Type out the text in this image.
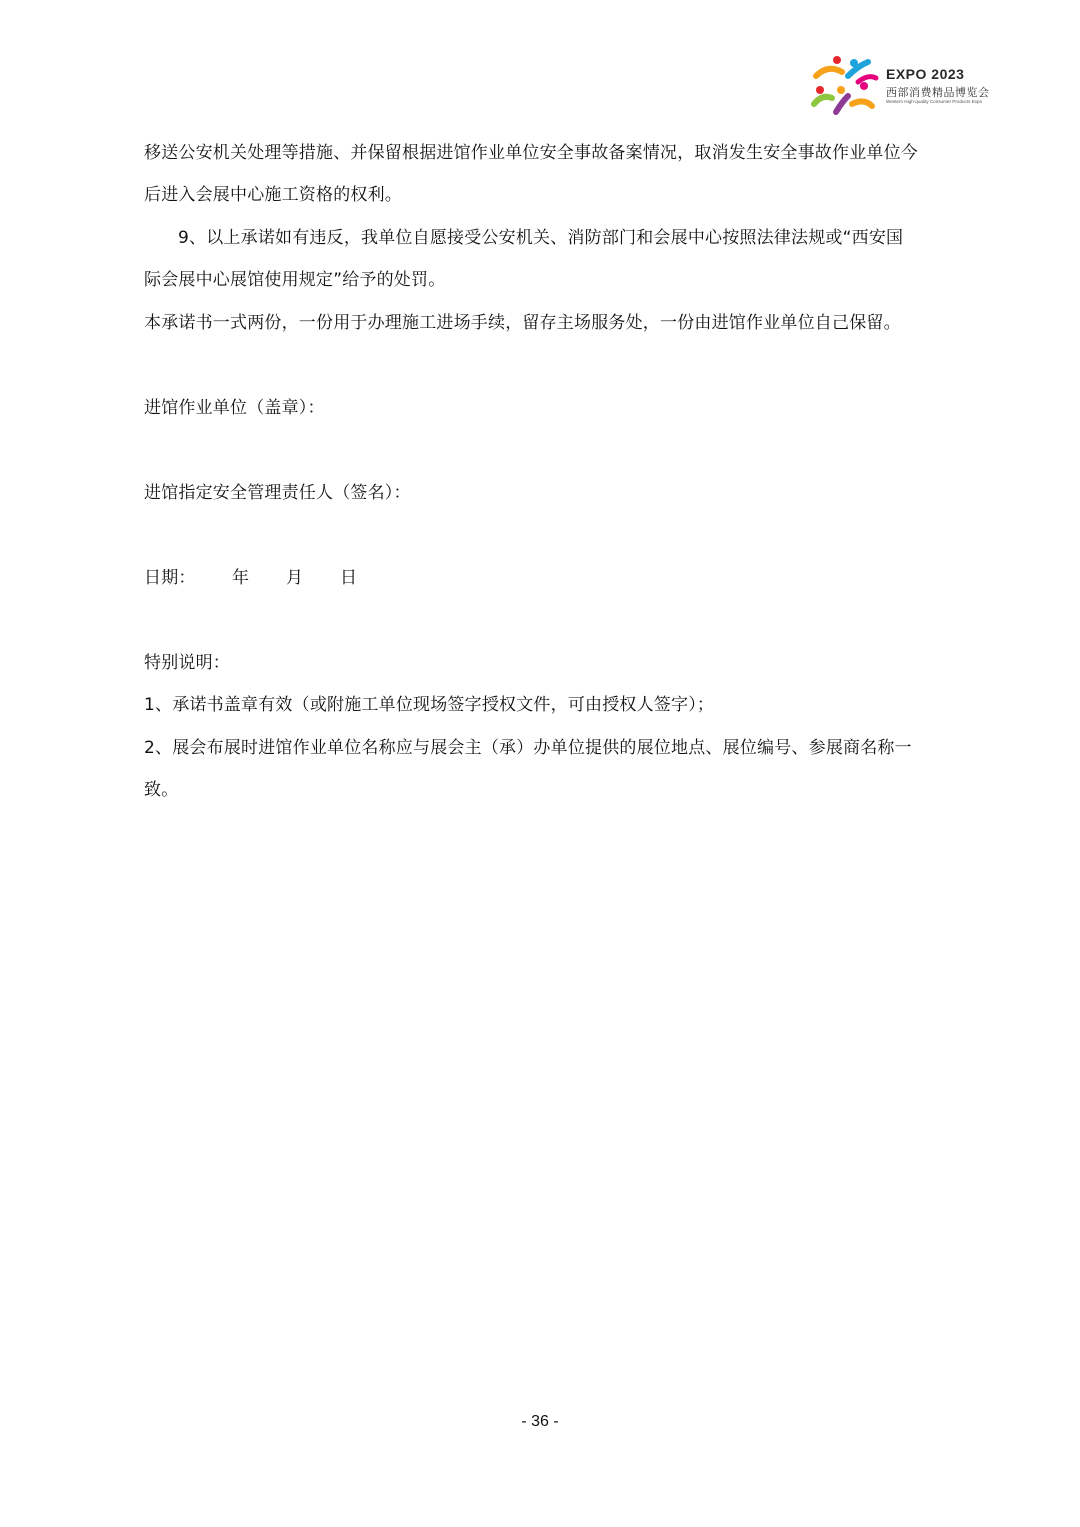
EXPO 2023
西部消费精品博览会
Western High-quality Consumer Products Expo
移送公安机关处理等措施、并保留根据进馆作业单位安全事故备案情况，取消发生安全事故作业单位今
后进入会展中心施工资格的权利。
9、以上承诺如有违反，我单位自愿接受公安机关、消防部门和会展中心按照法律法规或“西安国
际会展中心展馆使用规定”给予的处罚。
本承诺书一式两份，一份用于办理施工进场手续，留存主场服务处，一份由进馆作业单位自己保留。
进馆作业单位（盖章）：
进馆指定安全管理责任人（签名）：
日期： 年 月 日
特别说明：
1、承诺书盖章有效（或附施工单位现场签字授权文件，可由授权人签字）；
2、展会布展时进馆作业单位名称应与展会主（承）办单位提供的展位地点、展位编号、参展商名称一
致。
- 36 -
